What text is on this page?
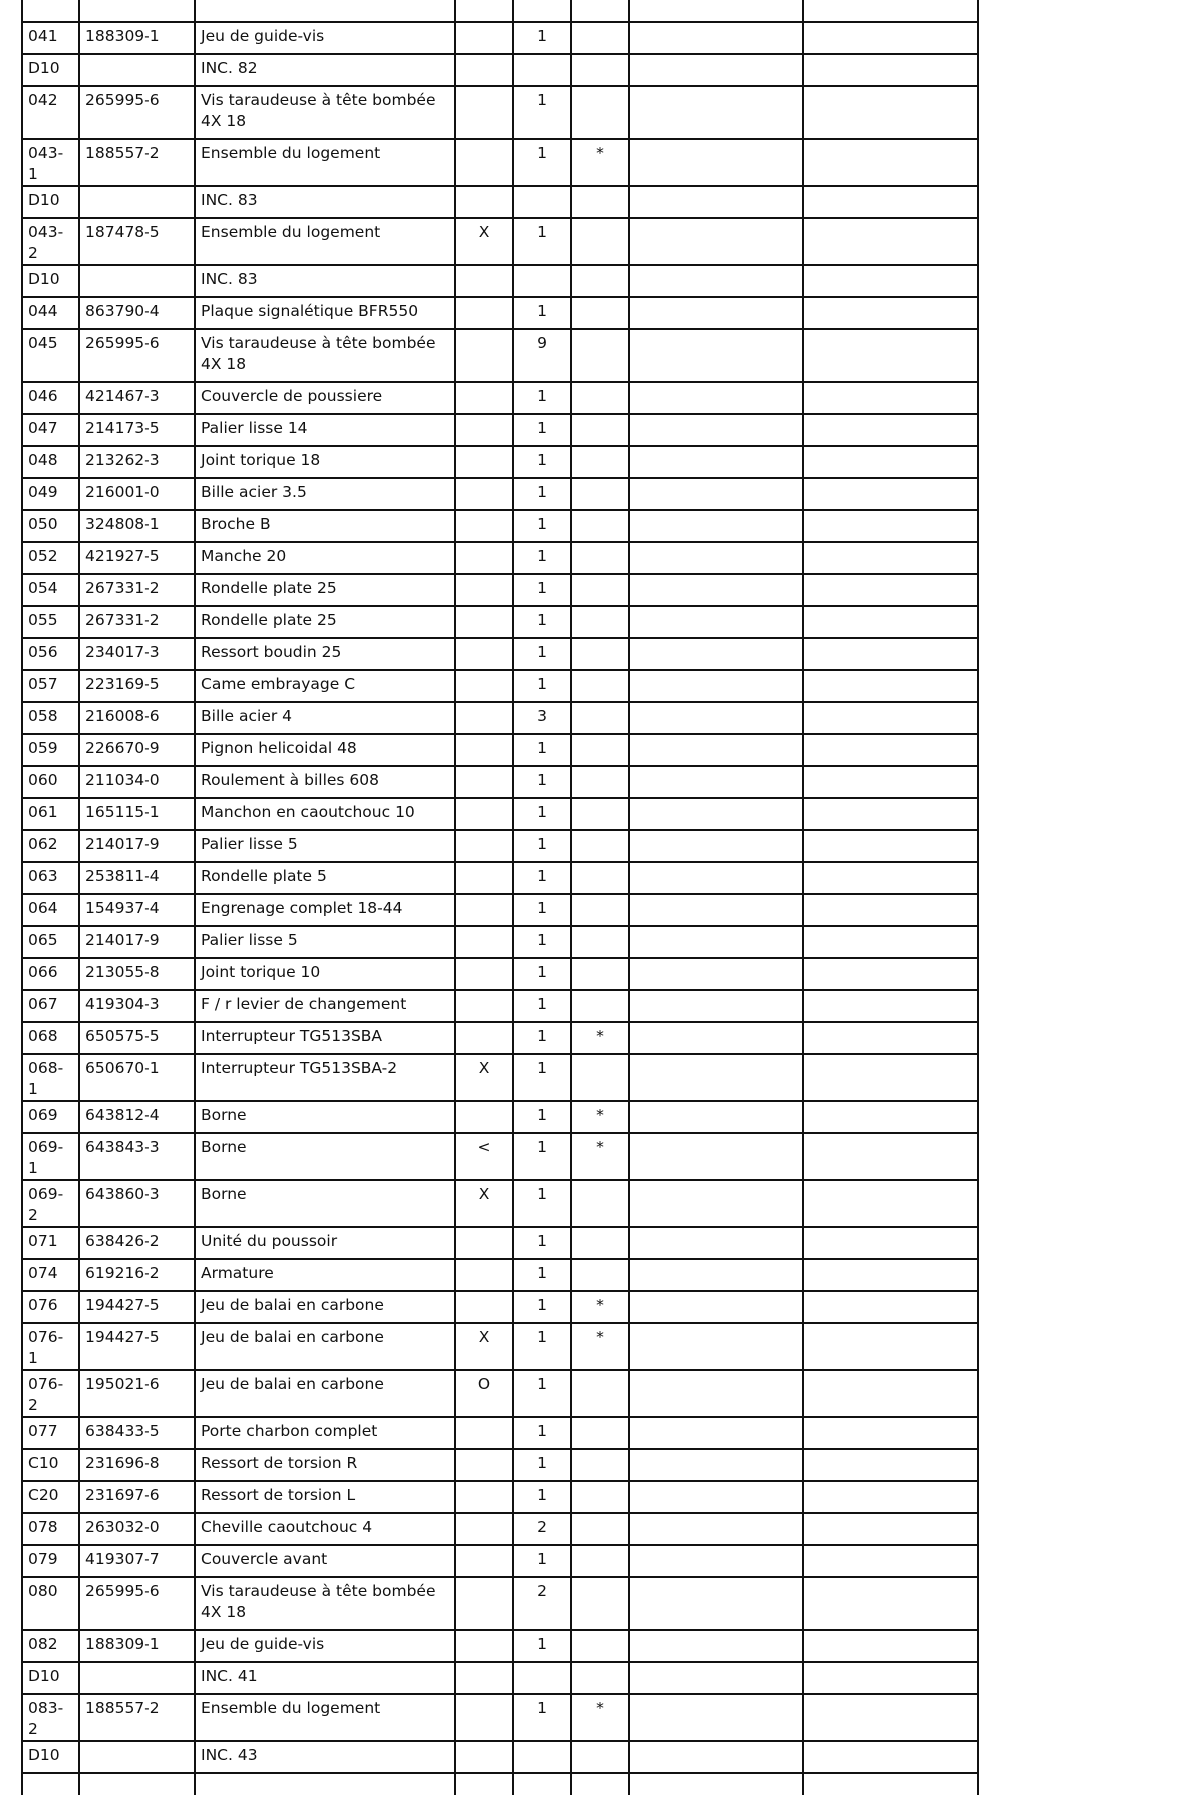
041	188309-1	Jeu de guide-vis		1			
D10		INC. 82					
042	265995-6	Vis taraudeuse à tête bombée 4X 18		1			
043-1	188557-2	Ensemble du logement		1	*		
D10		INC. 83					
043-2	187478-5	Ensemble du logement	X	1			
D10		INC. 83					
044	863790-4	Plaque signalétique BFR550		1			
045	265995-6	Vis taraudeuse à tête bombée 4X 18		9			
046	421467-3	Couvercle de poussiere		1			
047	214173-5	Palier lisse 14		1			
048	213262-3	Joint torique 18		1			
049	216001-0	Bille acier 3.5		1			
050	324808-1	Broche B		1			
052	421927-5	Manche 20		1			
054	267331-2	Rondelle plate 25		1			
055	267331-2	Rondelle plate 25		1			
056	234017-3	Ressort boudin 25		1			
057	223169-5	Came embrayage C		1			
058	216008-6	Bille acier 4		3			
059	226670-9	Pignon helicoidal 48		1			
060	211034-0	Roulement à billes 608		1			
061	165115-1	Manchon en caoutchouc 10		1			
062	214017-9	Palier lisse 5		1			
063	253811-4	Rondelle plate 5		1			
064	154937-4	Engrenage complet 18-44		1			
065	214017-9	Palier lisse 5		1			
066	213055-8	Joint torique 10		1			
067	419304-3	F / r levier de changement		1			
068	650575-5	Interrupteur TG513SBA		1	*		
068-1	650670-1	Interrupteur TG513SBA-2	X	1			
069	643812-4	Borne		1	*		
069-1	643843-3	Borne	<	1	*		
069-2	643860-3	Borne	X	1			
071	638426-2	Unité du poussoir		1			
074	619216-2	Armature		1			
076	194427-5	Jeu de balai en carbone		1	*		
076-1	194427-5	Jeu de balai en carbone	X	1	*		
076-2	195021-6	Jeu de balai en carbone	O	1			
077	638433-5	Porte charbon complet		1			
C10	231696-8	Ressort de torsion R		1			
C20	231697-6	Ressort de torsion L		1			
078	263032-0	Cheville caoutchouc 4		2			
079	419307-7	Couvercle avant		1			
080	265995-6	Vis taraudeuse à tête bombée 4X 18		2			
082	188309-1	Jeu de guide-vis		1			
D10		INC. 41					
083-2	188557-2	Ensemble du logement		1	*		
D10		INC. 43					
